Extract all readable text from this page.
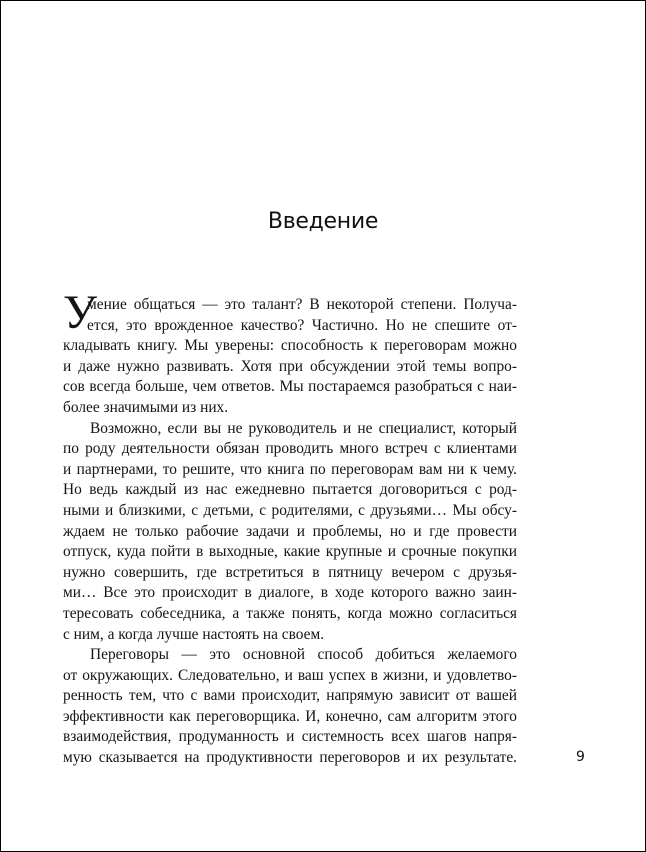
Введение
У
мение общаться — это талант? В некоторой степени. Получа-
ется, это врожденное качество? Частично. Но не спешите от-
кладывать книгу. Мы уверены: способность к переговорам можно
и даже нужно развивать. Хотя при обсуждении этой темы вопро-
сов всегда больше, чем ответов. Мы постараемся разобраться с наи-
более значимыми из них.
Возможно, если вы не руководитель и не специалист, который
по роду деятельности обязан проводить много встреч с клиентами
и партнерами, то решите, что книга по переговорам вам ни к чему.
Но ведь каждый из нас ежедневно пытается договориться с род-
ными и близкими, с детьми, с родителями, с друзьями… Мы обсу-
ждаем не только рабочие задачи и проблемы, но и где провести
отпуск, куда пойти в выходные, какие крупные и срочные покупки
нужно совершить, где встретиться в пятницу вечером с друзья-
ми… Все это происходит в диалоге, в ходе которого важно заин-
тересовать собеседника, а также понять, когда можно согласиться
с ним, а когда лучше настоять на своем.
Переговоры — это основной способ добиться желаемого
от окружающих. Следовательно, и ваш успех в жизни, и удовлетво-
ренность тем, что с вами происходит, напрямую зависит от вашей
эффективности как переговорщика. И, конечно, сам алгоритм этого
взаимодействия, продуманность и системность всех шагов напря-
мую сказывается на продуктивности переговоров и их результате.	9
